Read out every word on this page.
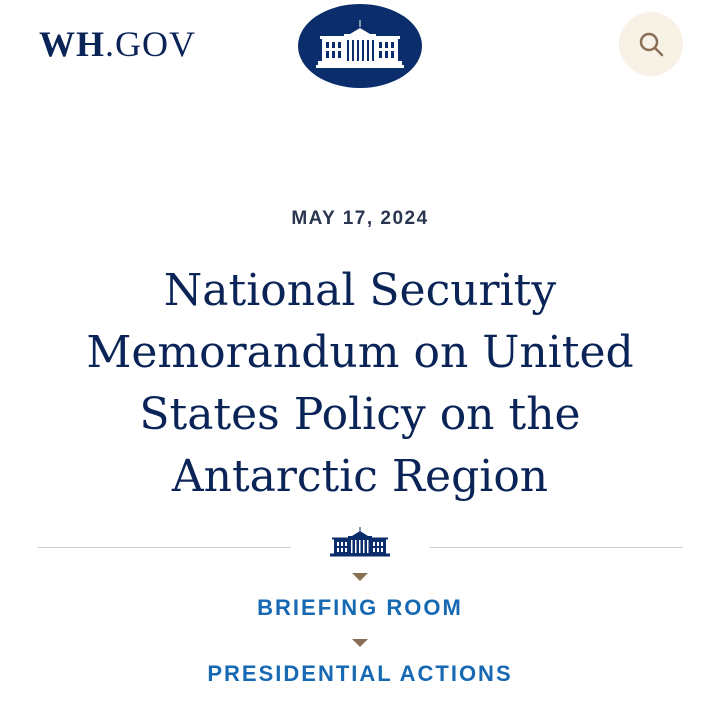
WH.GOV
MAY 17, 2024
National Security Memorandum on United States Policy on the Antarctic Region
BRIEFING ROOM
PRESIDENTIAL ACTIONS
